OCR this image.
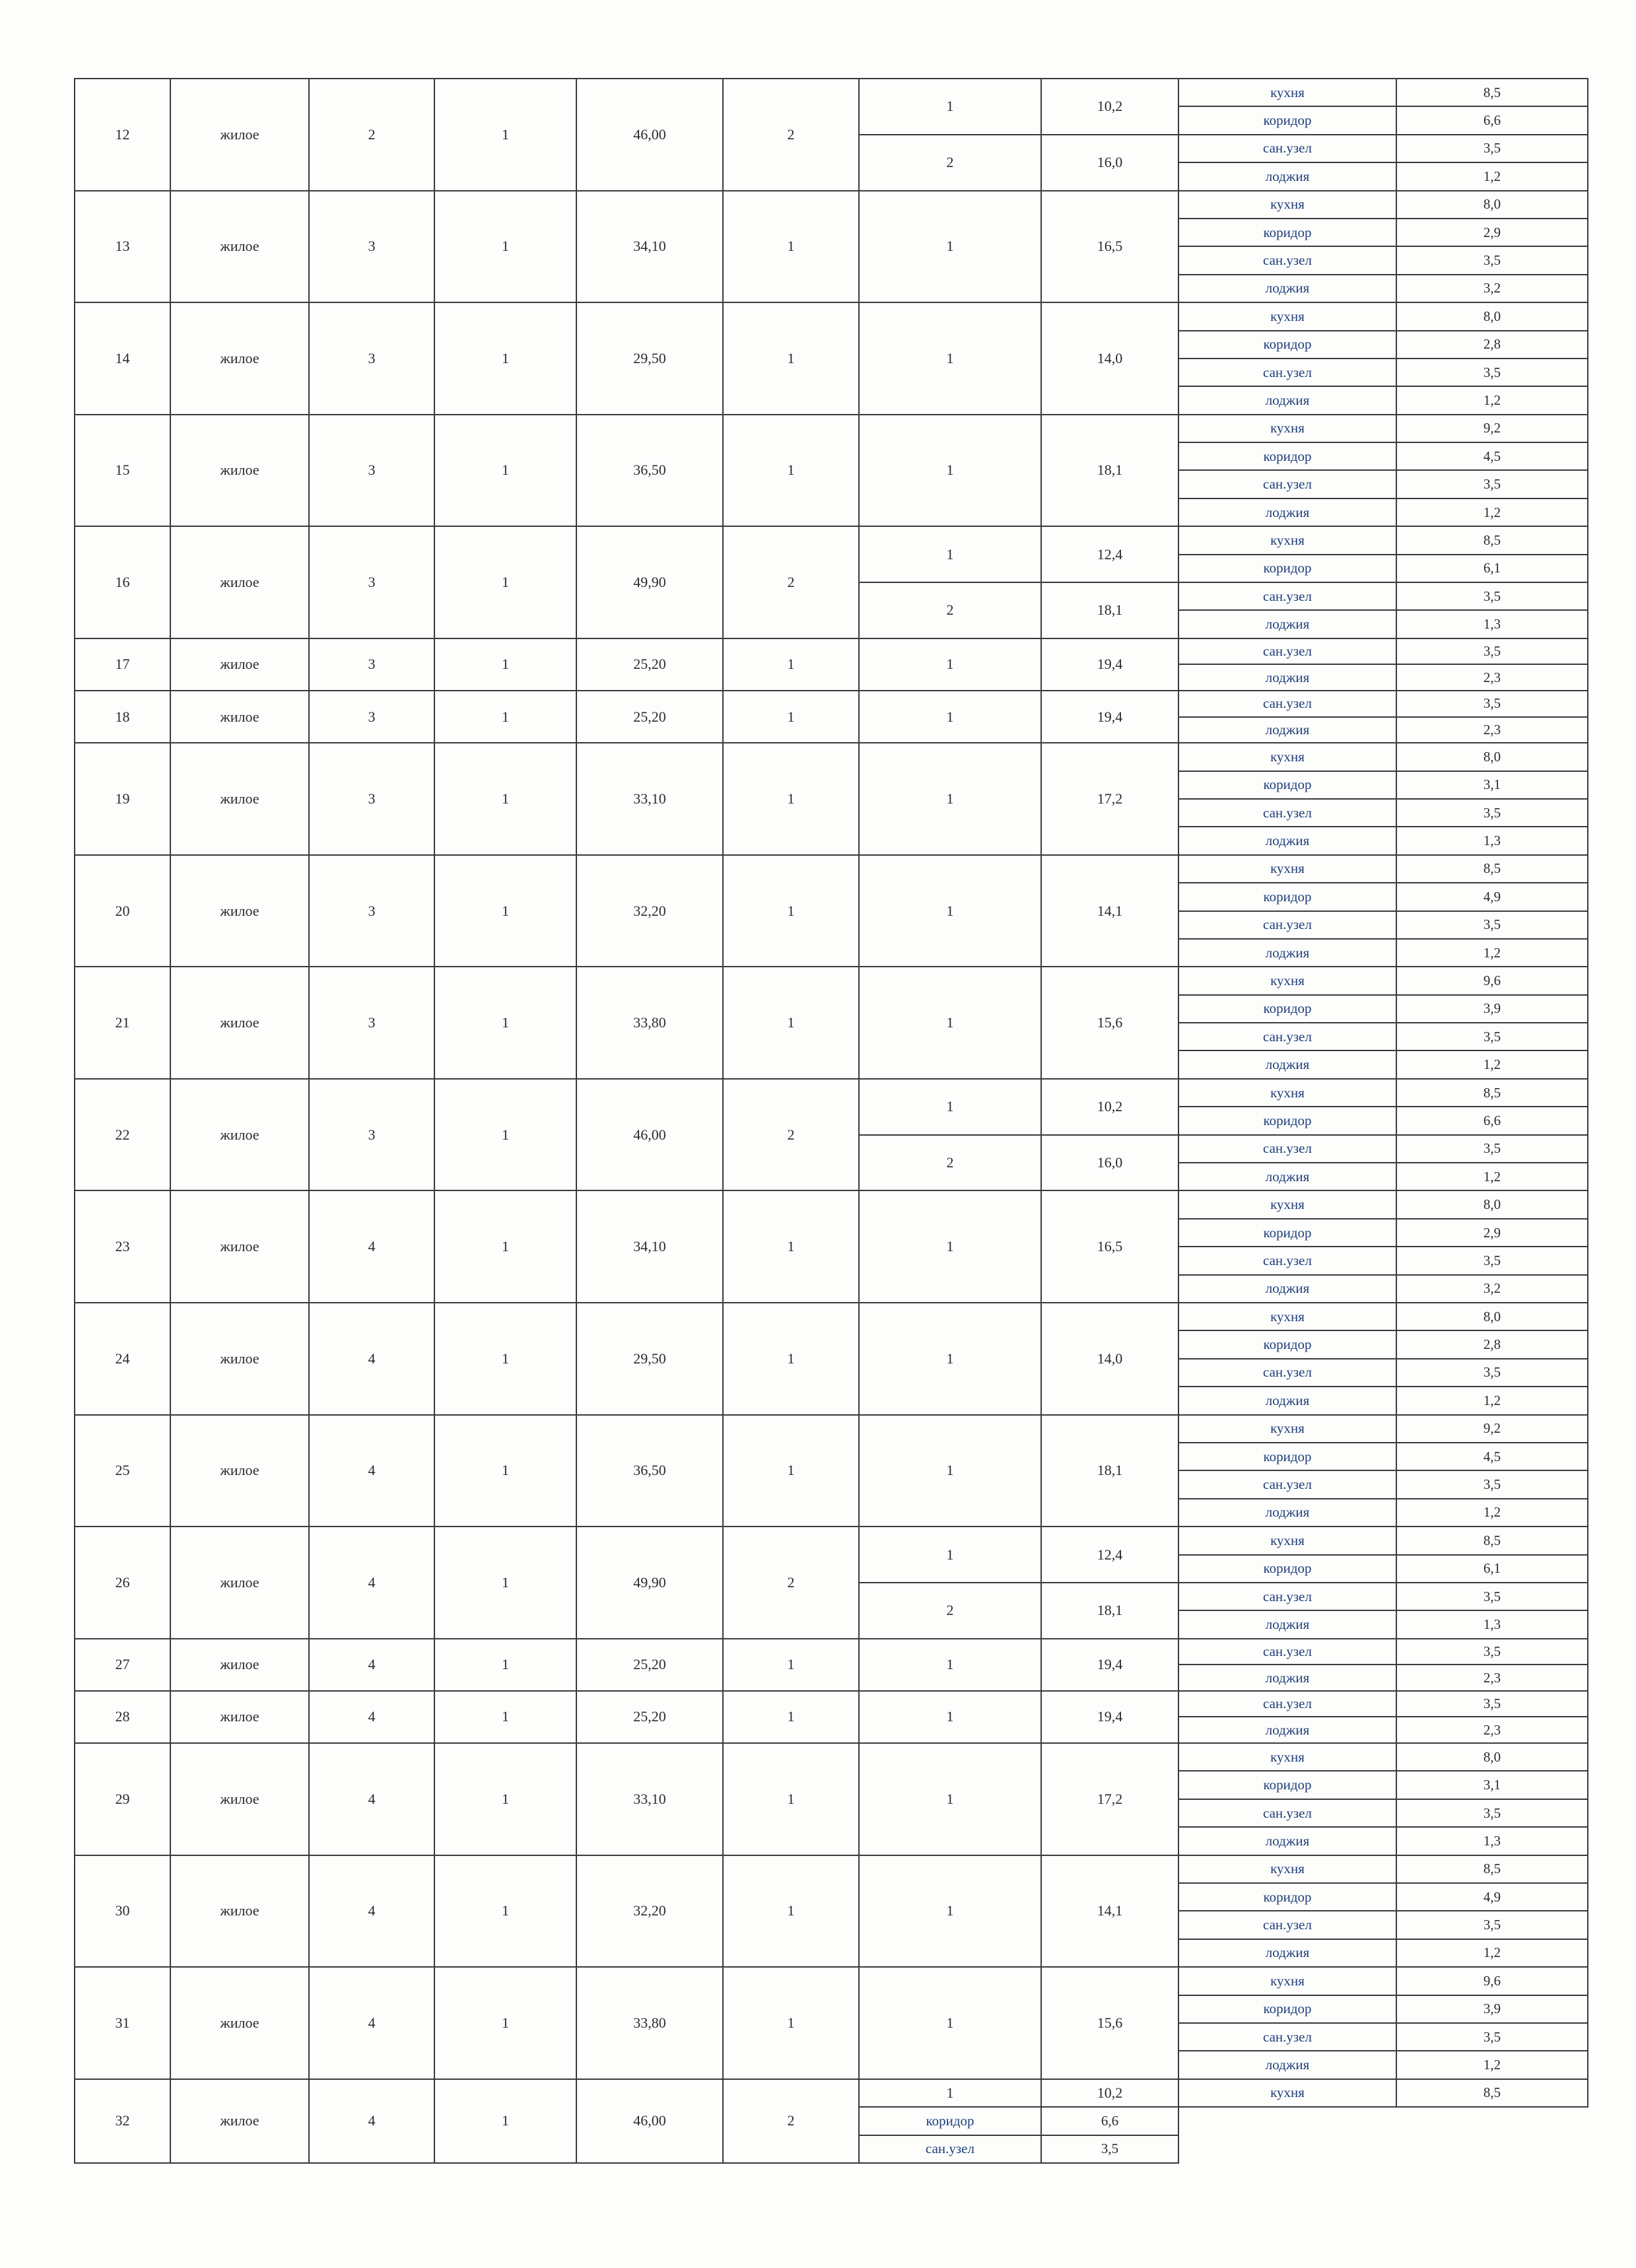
12	жилое	2	1	46,00	2	1	10,2	кухня	8,5
								коридор	6,6
						2	16,0	сан.узел	3,5
								лоджия	1,2
13	жилое	3	1	34,10	1	1	16,5	кухня	8,0
								коридор	2,9
								сан.узел	3,5
								лоджия	3,2
14	жилое	3	1	29,50	1	1	14,0	кухня	8,0
								коридор	2,8
								сан.узел	3,5
								лоджия	1,2
15	жилое	3	1	36,50	1	1	18,1	кухня	9,2
								коридор	4,5
								сан.узел	3,5
								лоджия	1,2
16	жилое	3	1	49,90	2	1	12,4	кухня	8,5
								коридор	6,1
						2	18,1	сан.узел	3,5
								лоджия	1,3
17	жилое	3	1	25,20	1	1	19,4	сан.узел	3,5
								лоджия	2,3
18	жилое	3	1	25,20	1	1	19,4	сан.узел	3,5
								лоджия	2,3
19	жилое	3	1	33,10	1	1	17,2	кухня	8,0
								коридор	3,1
								сан.узел	3,5
								лоджия	1,3
20	жилое	3	1	32,20	1	1	14,1	кухня	8,5
								коридор	4,9
								сан.узел	3,5
								лоджия	1,2
21	жилое	3	1	33,80	1	1	15,6	кухня	9,6
								коридор	3,9
								сан.узел	3,5
								лоджия	1,2
22	жилое	3	1	46,00	2	1	10,2	кухня	8,5
								коридор	6,6
						2	16,0	сан.узел	3,5
								лоджия	1,2
23	жилое	4	1	34,10	1	1	16,5	кухня	8,0
								коридор	2,9
								сан.узел	3,5
								лоджия	3,2
24	жилое	4	1	29,50	1	1	14,0	кухня	8,0
								коридор	2,8
								сан.узел	3,5
								лоджия	1,2
25	жилое	4	1	36,50	1	1	18,1	кухня	9,2
								коридор	4,5
								сан.узел	3,5
								лоджия	1,2
26	жилое	4	1	49,90	2	1	12,4	кухня	8,5
								коридор	6,1
						2	18,1	сан.узел	3,5
								лоджия	1,3
27	жилое	4	1	25,20	1	1	19,4	сан.узел	3,5
								лоджия	2,3
28	жилое	4	1	25,20	1	1	19,4	сан.узел	3,5
								лоджия	2,3
29	жилое	4	1	33,10	1	1	17,2	кухня	8,0
								коридор	3,1
								сан.узел	3,5
								лоджия	1,3
30	жилое	4	1	32,20	1	1	14,1	кухня	8,5
								коридор	4,9
								сан.узел	3,5
								лоджия	1,2
31	жилое	4	1	33,80	1	1	15,6	кухня	9,6
								коридор	3,9
								сан.узел	3,5
								лоджия	1,2
32	жилое	4	1	46,00	2	1	10,2	кухня	8,5
						коридор	6,6		
						сан.узел	3,5		
